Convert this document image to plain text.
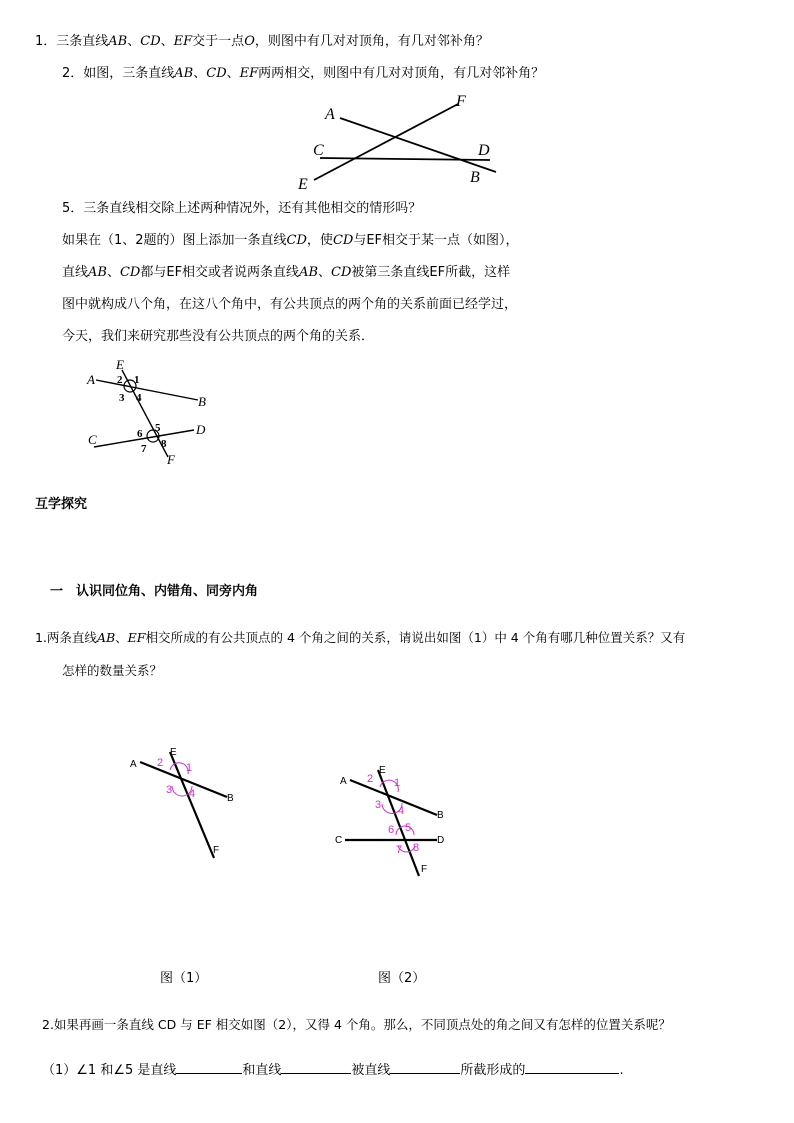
1．三条直线AB、CD、EF交于一点O，则图中有几对对顶角，有几对邻补角？
2．如图，三条直线AB、CD、EF两两相交，则图中有几对对顶角，有几对邻补角？
A
F
C	D
E	B
5．三条直线相交除上述两种情况外，还有其他相交的情形吗？
如果在（1、2题的）图上添加一条直线CD，使CD与EF相交于某一点（如图），
直线AB、CD都与EF相交或者说两条直线AB、CD被第三条直线EF所截，这样
图中就构成八个角，在这八个角中，有公共顶点的两个角的关系前面已经学过，
今天，我们来研究那些没有公共顶点的两个角的关系．
E
A
B
C
D
F
1
2
3 4
5
6
7 8
互学探究
一　认识同位角、内错角、同旁内角
1.两条直线AB、EF相交所成的有公共顶点的 4 个角之间的关系，请说出如图（1）中 4 个角有哪几种位置关系？又有
怎样的数量关系？
E
A
B
F
1
2
3 4
E
A
B
C	D
F
1
2
3 4
5
6
7 8
图（1）	图（2）
2.如果再画一条直线 CD 与 EF 相交如图（2），又得 4 个角。那么，不同顶点处的角之间又有怎样的位置关系呢？
（1）∠1 和∠5 是直线	和直线	被直线	所截形成的	.
